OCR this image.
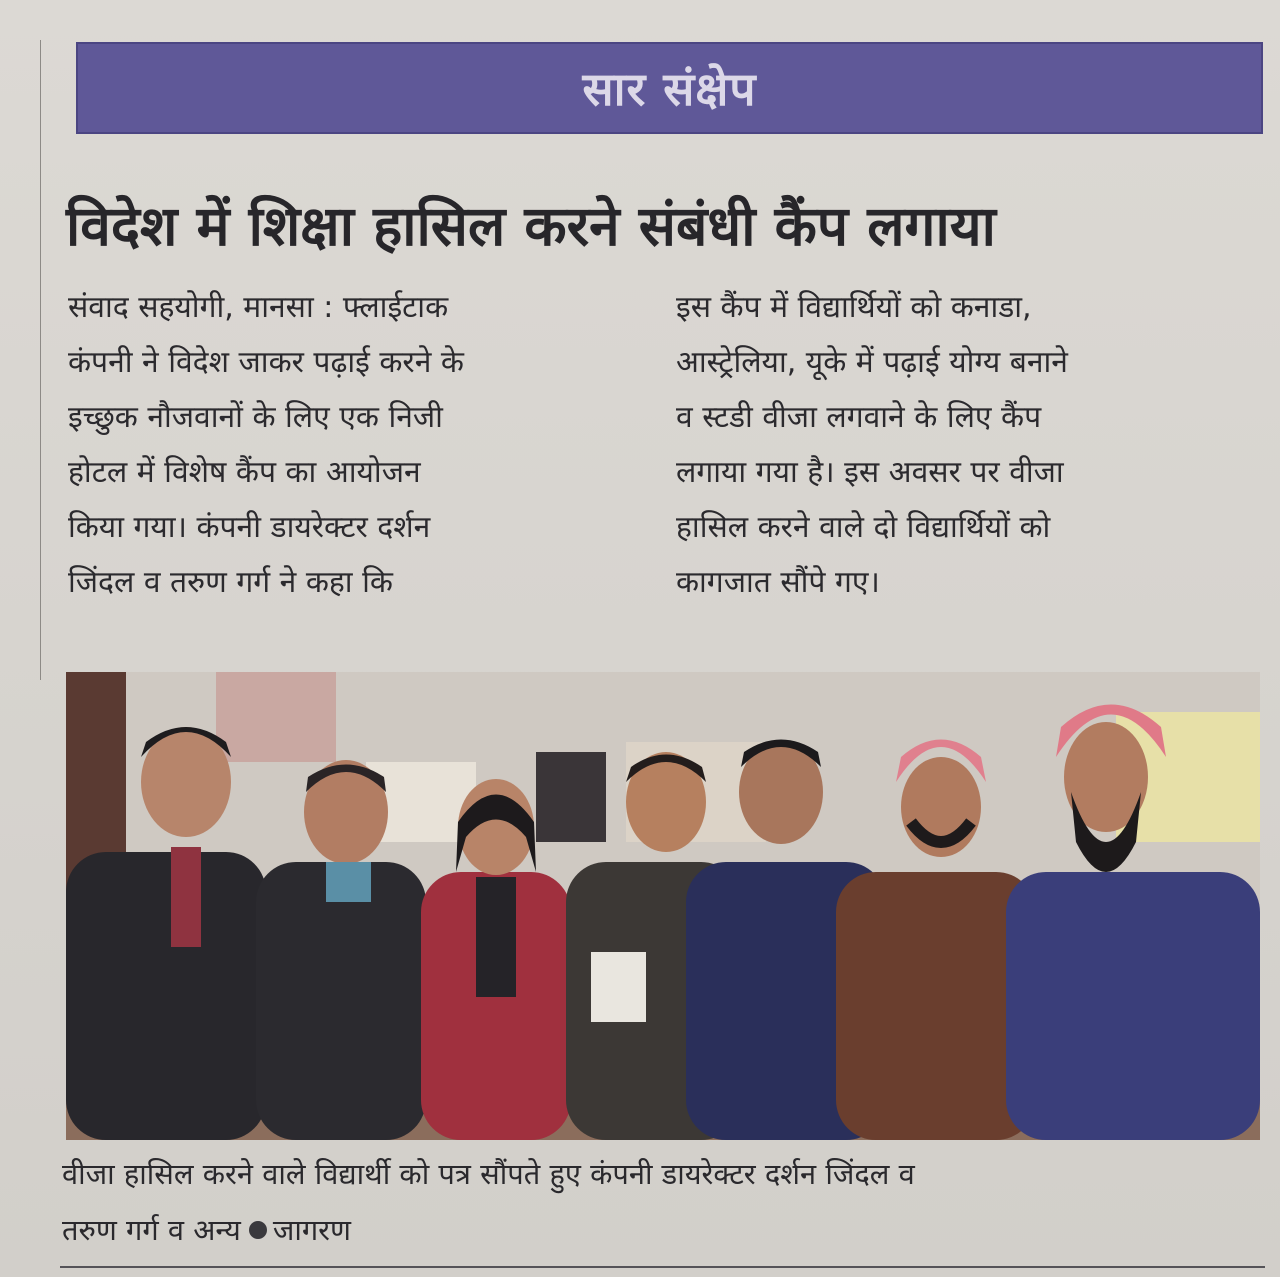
सार संक्षेप
विदेश में शिक्षा हासिल करने संबंधी कैंप लगाया
संवाद सहयोगी, मानसा : फ्लाईटाक
कंपनी ने विदेश जाकर पढ़ाई करने के
इच्छुक नौजवानों के लिए एक निजी
होटल में विशेष कैंप का आयोजन
किया गया। कंपनी डायरेक्टर दर्शन
जिंदल व तरुण गर्ग ने कहा कि
इस कैंप में विद्यार्थियों को कनाडा,
आस्ट्रेलिया, यूके में पढ़ाई योग्य बनाने
व स्टडी वीजा लगवाने के लिए कैंप
लगाया गया है। इस अवसर पर वीजा
हासिल करने वाले दो विद्यार्थियों को
कागजात सौंपे गए।
वीजा हासिल करने वाले विद्यार्थी को पत्र सौंपते हुए कंपनी डायरेक्टर दर्शन जिंदल व
तरुण गर्ग व अन्य जागरण
